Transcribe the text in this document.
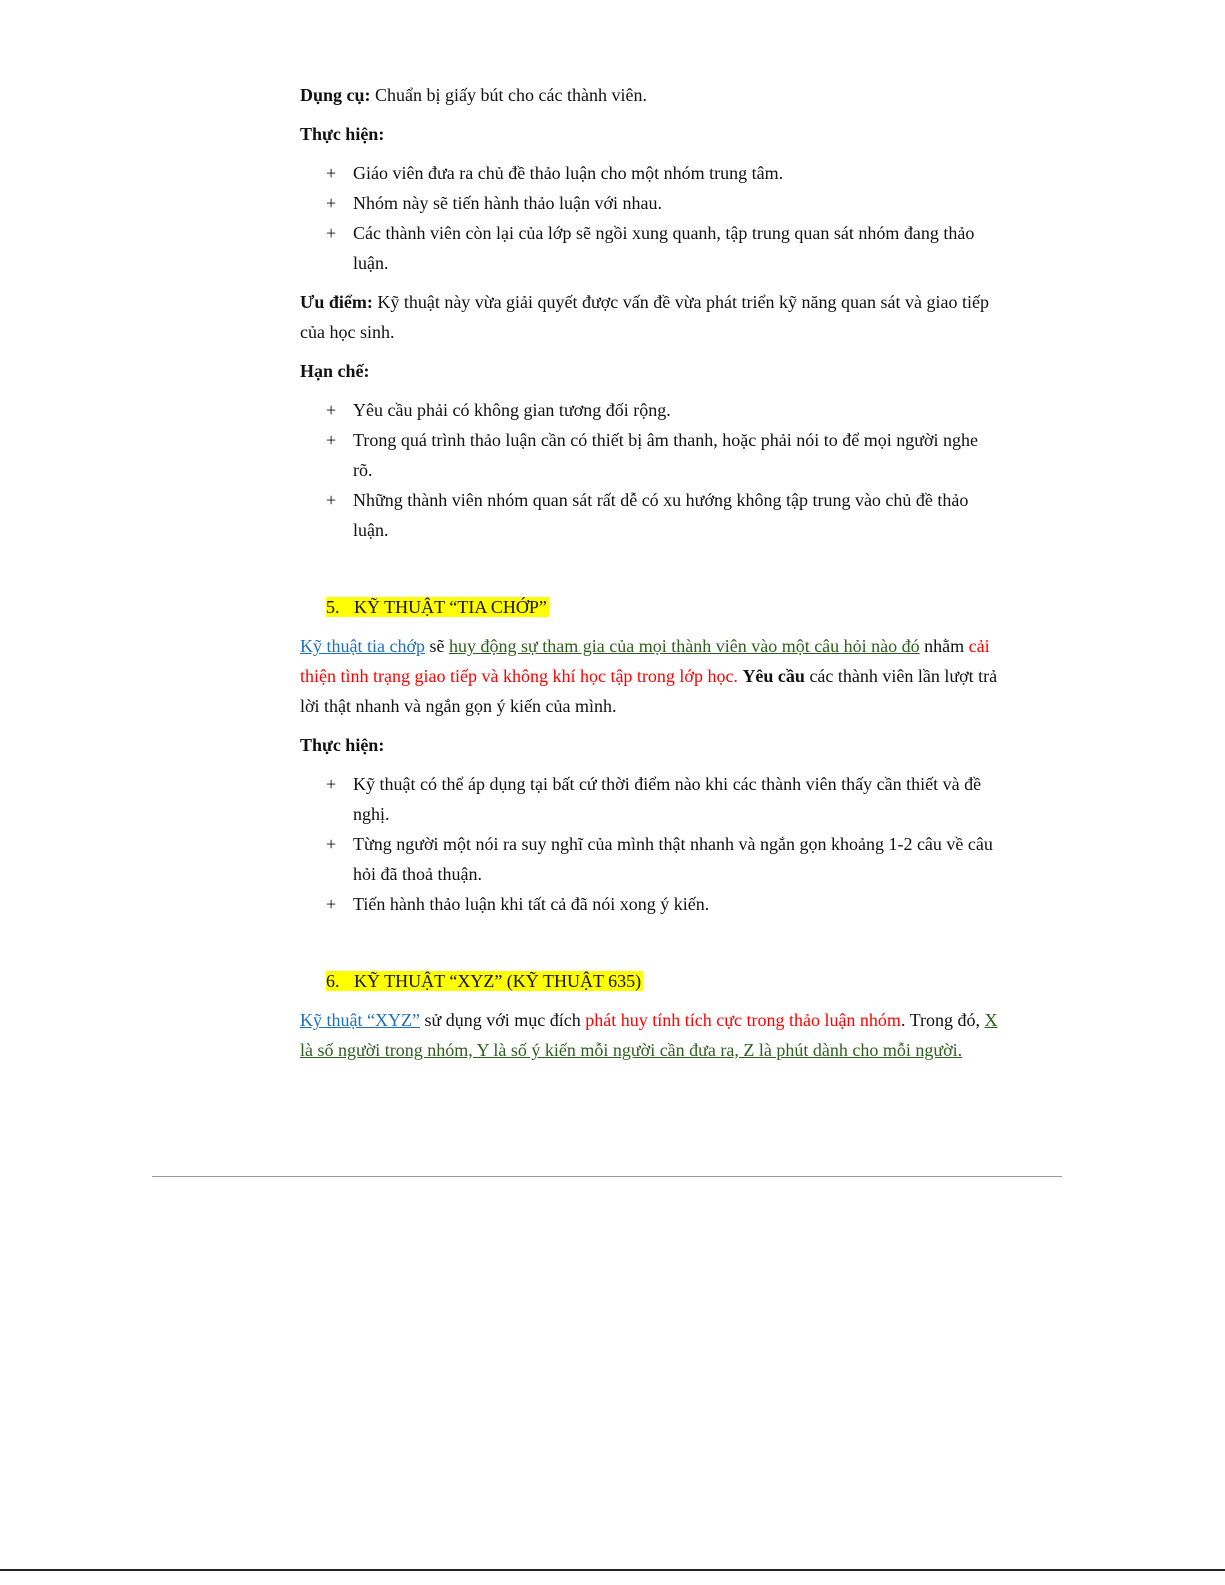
Dụng cụ: Chuẩn bị giấy bút cho các thành viên.

Thực hiện:

+ Giáo viên đưa ra chủ đề thảo luận cho một nhóm trung tâm.
+ Nhóm này sẽ tiến hành thảo luận với nhau.
+ Các thành viên còn lại của lớp sẽ ngồi xung quanh, tập trung quan sát nhóm đang thảo luận.

Ưu điểm: Kỹ thuật này vừa giải quyết được vấn đề vừa phát triển kỹ năng quan sát và giao tiếp của học sinh.

Hạn chế:

+ Yêu cầu phải có không gian tương đối rộng.
+ Trong quá trình thảo luận cần có thiết bị âm thanh, hoặc phải nói to để mọi người nghe rõ.
+ Những thành viên nhóm quan sát rất dễ có xu hướng không tập trung vào chủ đề thảo luận.

5. KỸ THUẬT “TIA CHỚP”

Kỹ thuật tia chớp sẽ huy động sự tham gia của mọi thành viên vào một câu hỏi nào đó nhằm cải thiện tình trạng giao tiếp và không khí học tập trong lớp học. Yêu cầu các thành viên lần lượt trả lời thật nhanh và ngắn gọn ý kiến của mình.

Thực hiện:

+ Kỹ thuật có thể áp dụng tại bất cứ thời điểm nào khi các thành viên thấy cần thiết và đề nghị.
+ Từng người một nói ra suy nghĩ của mình thật nhanh và ngắn gọn khoảng 1-2 câu về câu hỏi đã thoả thuận.
+ Tiến hành thảo luận khi tất cả đã nói xong ý kiến.

6. KỸ THUẬT “XYZ” (KỸ THUẬT 635)

Kỹ thuật “XYZ” sử dụng với mục đích phát huy tính tích cực trong thảo luận nhóm. Trong đó, X là số người trong nhóm, Y là số ý kiến mỗi người cần đưa ra, Z là phút dành cho mỗi người.
